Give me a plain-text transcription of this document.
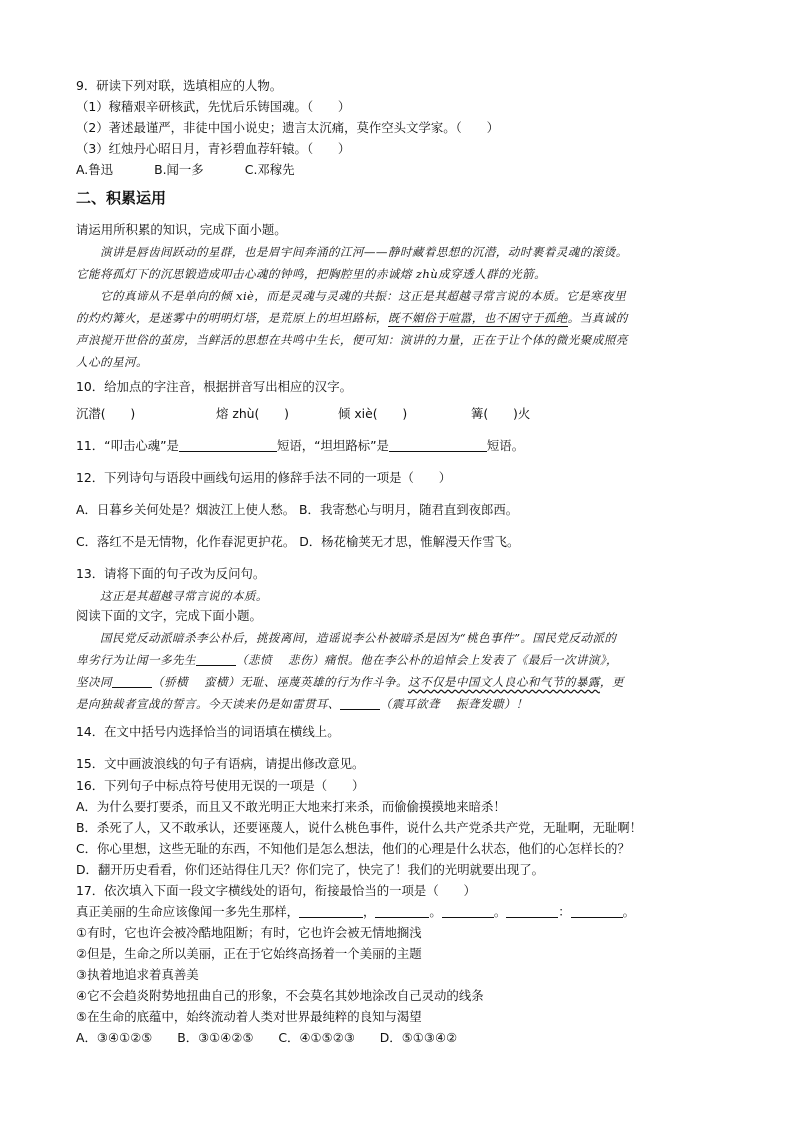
9．研读下列对联，选填相应的人物。
（1）稼穑艰辛研核武，先忧后乐铸国魂。（　　）
（2）著述最谨严，非徒中国小说史；遗言太沉痛，莫作空头文学家。（　　）
（3）红烛丹心昭日月，青衫碧血荐轩辕。（　　）
A.鲁迅　　　 B.闻一多　　　 C.邓稼先
二、积累运用
请运用所积累的知识，完成下面小题。
　　演讲是唇齿间跃动的星群，也是眉宇间奔涌的江河——静时藏着思想的沉潜，动时裹着灵魂的滚烫。
它能将孤灯下的沉思锻造成叩击心魂的钟鸣，把胸腔里的赤诚熔 zhù成穿透人群的光箭。
　　它的真谛从不是单向的倾 xiè，而是灵魂与灵魂的共振：这正是其超越寻常言说的本质。它是寒夜里
的灼灼篝火，是迷雾中的明明灯塔，是荒原上的坦坦路标，既不媚俗于喧嚣，也不困守于孤绝。当真诚的
声浪搅开世俗的茧房，当鲜活的思想在共鸣中生长，便可知：演讲的力量，正在于让个体的微光聚成照亮
人心的星河。
10．给加点的字注音，根据拼音写出相应的汉字。
沉潜(　　)	熔 zhù(　　)	倾 xiè(　　)	篝(　　)火
11．“叩击心魂”是	短语，“坦坦路标”是	短语。
12．下列诗句与语段中画线句运用的修辞手法不同的一项是（　　）
A．日暮乡关何处是？烟波江上使人愁。 B．我寄愁心与明月，随君直到夜郎西。
C．落红不是无情物，化作春泥更护花。 D．杨花榆荚无才思，惟解漫天作雪飞。
13．请将下面的句子改为反问句。
　　这正是其超越寻常言说的本质。
阅读下面的文字，完成下面小题。
　　国民党反动派暗杀李公朴后，挑拨离间，造谣说李公朴被暗杀是因为“桃色事件”。国民党反动派的
卑劣行为让闻一多先生	（悲愤　 悲伤）痛恨。他在李公朴的追悼会上发表了《最后一次讲演》，
坚决同	（骄横　 蛮横）无耻、诬蔑英雄的行为作斗争。这不仅是中国文人良心和气节的暴露，更
是向独裁者宣战的誓言。今天读来仍是如雷贯耳、	（震耳欲聋　 振聋发聩）！
14．在文中括号内选择恰当的词语填在横线上。
15．文中画波浪线的句子有语病，请提出修改意见。
16．下列句子中标点符号使用无误的一项是（　　）
A．为什么要打要杀，而且又不敢光明正大地来打来杀，而偷偷摸摸地来暗杀！
B．杀死了人，又不敢承认，还要诬蔑人，说什么桃色事件，说什么共产党杀共产党，无耻啊，无耻啊！
C．你心里想，这些无耻的东西，不知他们是怎么想法，他们的心理是什么状态，他们的心怎样长的？
D．翻开历史看看，你们还站得住几天？你们完了，快完了！我们的光明就要出现了。
17．依次填入下面一段文字横线处的语句，衔接最恰当的一项是（　　）
真正美丽的生命应该像闻一多先生那样，	，	。	。	：	。
①有时，它也许会被冷酷地阻断；有时，它也许会被无情地搁浅
②但是，生命之所以美丽，正在于它始终高扬着一个美丽的主题
③执着地追求着真善美
④它不会趋炎附势地扭曲自己的形象，不会莫名其妙地涂改自己灵动的线条
⑤在生命的底蕴中，始终流动着人类对世界最纯粹的良知与渴望
A．③④①②⑤　　B．③①④②⑤　　C．④①⑤②③　　D．⑤①③④②
